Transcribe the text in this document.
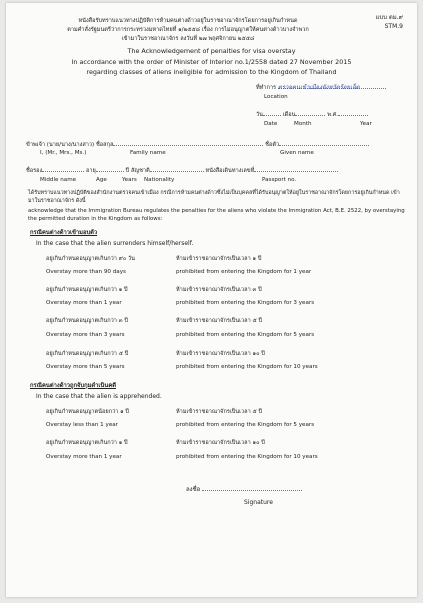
แบบ ตม.๙
STM.9
หนังสือรับทราบแนวทางปฏิบัติการห้ามคนต่างด้าวอยู่ในราชอาณาจักรโดยการอยู่เกินกำหนด
ตามคำสั่งรัฐมนตรีว่าการกระทรวงมหาดไทยที่ ๑/๒๕๕๘ เรื่อง การไม่อนุญาตให้คนต่างด้าวบางจำพวก
เข้ามาในราชอาณาจักร ลงวันที่ ๒๗ พฤศจิกายน ๒๕๕๘
The Acknowledgement of penalties for visa overstay
In accordance with the order of Minister of Interior no.1/2558 dated 27 November 2015
regarding classes of aliens ineligible for admission to the Kingdom of Thailand
ที่ทำการ ตรวจคนเข้าเมืองจังหวัดร้อยเอ็ด
Location
วัน	เดือน	พ.ศ.
Date	Month	Year
ข้าพเจ้า (นาย/นาง/นางสาว) ชื่อสกุล	ชื่อตัว
I, (Mr., Mrs., Ms.)	Family name	Given name
ชื่อรอง	อายุ	ปี สัญชาติ	หนังสือเดินทางเลขที่
Middle name	Age	Years Nationality	Passport no.
ได้รับทราบแนวทางปฏิบัติของสำนักงานตรวจคนเข้าเมือง กรณีการห้ามคนต่างด้าวซึ่งไม่เป็นบุคคลที่ได้รับอนุญาตให้อยู่ในราชอาณาจักรโดยการอยู่เกินกำหนด เข้ามาในราชอาณาจักร ดังนี้
acknowledge that the Immigration Bureau regulates the penalties for the aliens who violate the Immigration Act, B.E. 2522, by overstaying the permitted duration in the Kingdom as follows:
กรณีคนต่างด้าวเข้ามอบตัว
In the case that the alien surrenders himself/herself.
อยู่เกินกำหนดอนุญาตเกินกว่า ๙๐ วัน	ห้ามเข้าราชอาณาจักรเป็นเวลา ๑ ปี
Overstay more than 90 days	prohibited from entering the Kingdom for 1 year
อยู่เกินกำหนดอนุญาตเกินกว่า ๑ ปี	ห้ามเข้าราชอาณาจักรเป็นเวลา ๓ ปี
Overstay more than 1 year	prohibited from entering the Kingdom for 3 years
อยู่เกินกำหนดอนุญาตเกินกว่า ๓ ปี	ห้ามเข้าราชอาณาจักรเป็นเวลา ๕ ปี
Overstay more than 3 years	prohibited from entering the Kingdom for 5 years
อยู่เกินกำหนดอนุญาตเกินกว่า ๕ ปี	ห้ามเข้าราชอาณาจักรเป็นเวลา ๑๐ ปี
Overstay more than 5 years	prohibited from entering the Kingdom for 10 years
กรณีคนต่างด้าวถูกจับกุมดำเนินคดี
In the case that the alien is apprehended.
อยู่เกินกำหนดอนุญาตน้อยกว่า ๑ ปี	ห้ามเข้าราชอาณาจักรเป็นเวลา ๕ ปี
Overstay less than 1 year	prohibited from entering the Kingdom for 5 years
อยู่เกินกำหนดอนุญาตเกินกว่า ๑ ปี	ห้ามเข้าราชอาณาจักรเป็นเวลา ๑๐ ปี
Overstay more than 1 year	prohibited from entering the Kingdom for 10 years
ลงชื่อ
Signature
